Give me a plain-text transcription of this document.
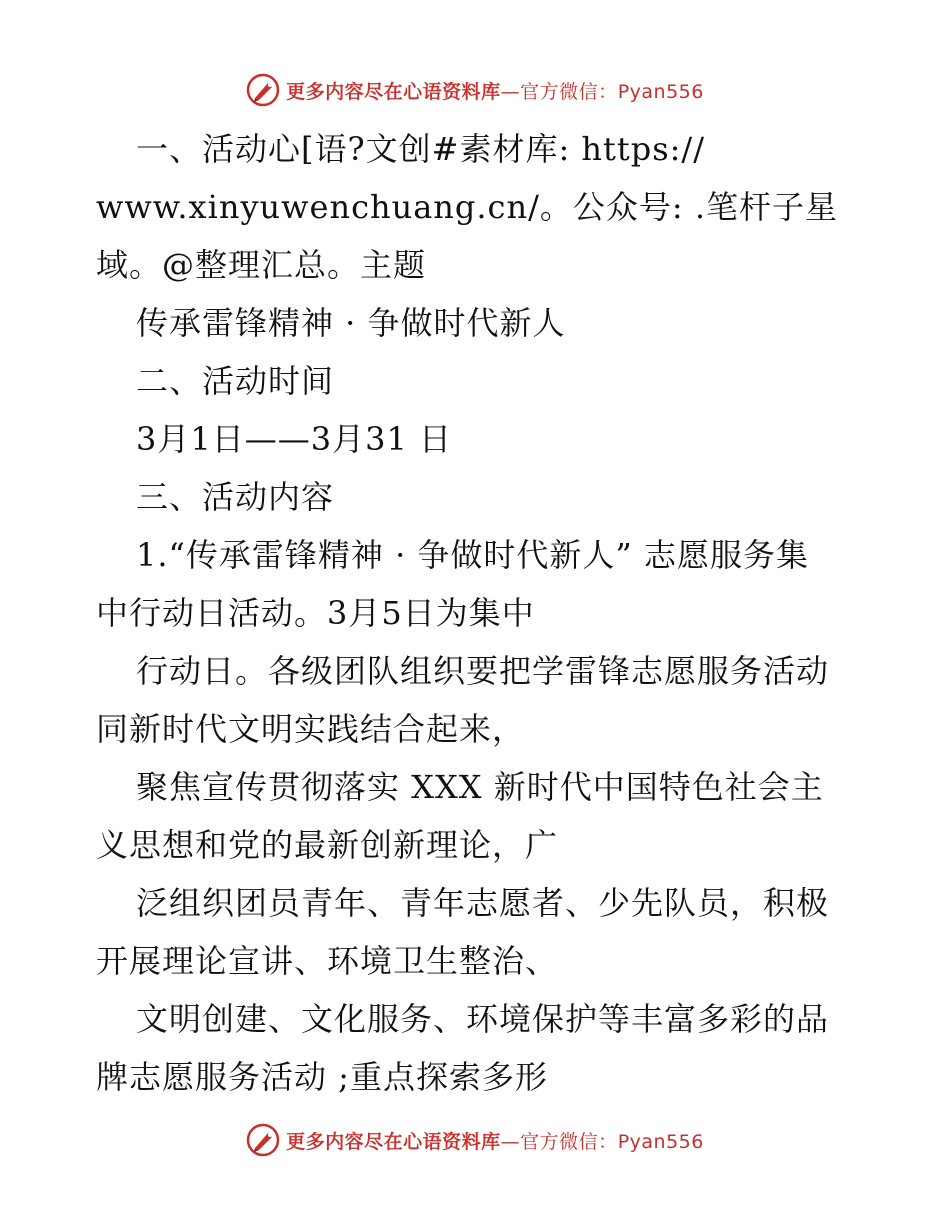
更多内容尽在心语资料库—官方微信：Pyan556

一、活动心[语?文创#素材库: https://

www.xinyuwenchuang.cn/。公众号: .笔杆子星

域。@整理汇总。主题

传承雷锋精神 · 争做时代新人

二、活动时间

3月1日——3月31 日

三、活动内容

1.“传承雷锋精神 · 争做时代新人” 志愿服务集

中行动日活动。3月5日为集中

行动日。各级团队组织要把学雷锋志愿服务活动

同新时代文明实践结合起来，

聚焦宣传贯彻落实 XXX 新时代中国特色社会主

义思想和党的最新创新理论，广

泛组织团员青年、青年志愿者、少先队员，积极

开展理论宣讲、环境卫生整治、

文明创建、文化服务、环境保护等丰富多彩的品

牌志愿服务活动 ;重点探索多形

更多内容尽在心语资料库—官方微信：Pyan556
